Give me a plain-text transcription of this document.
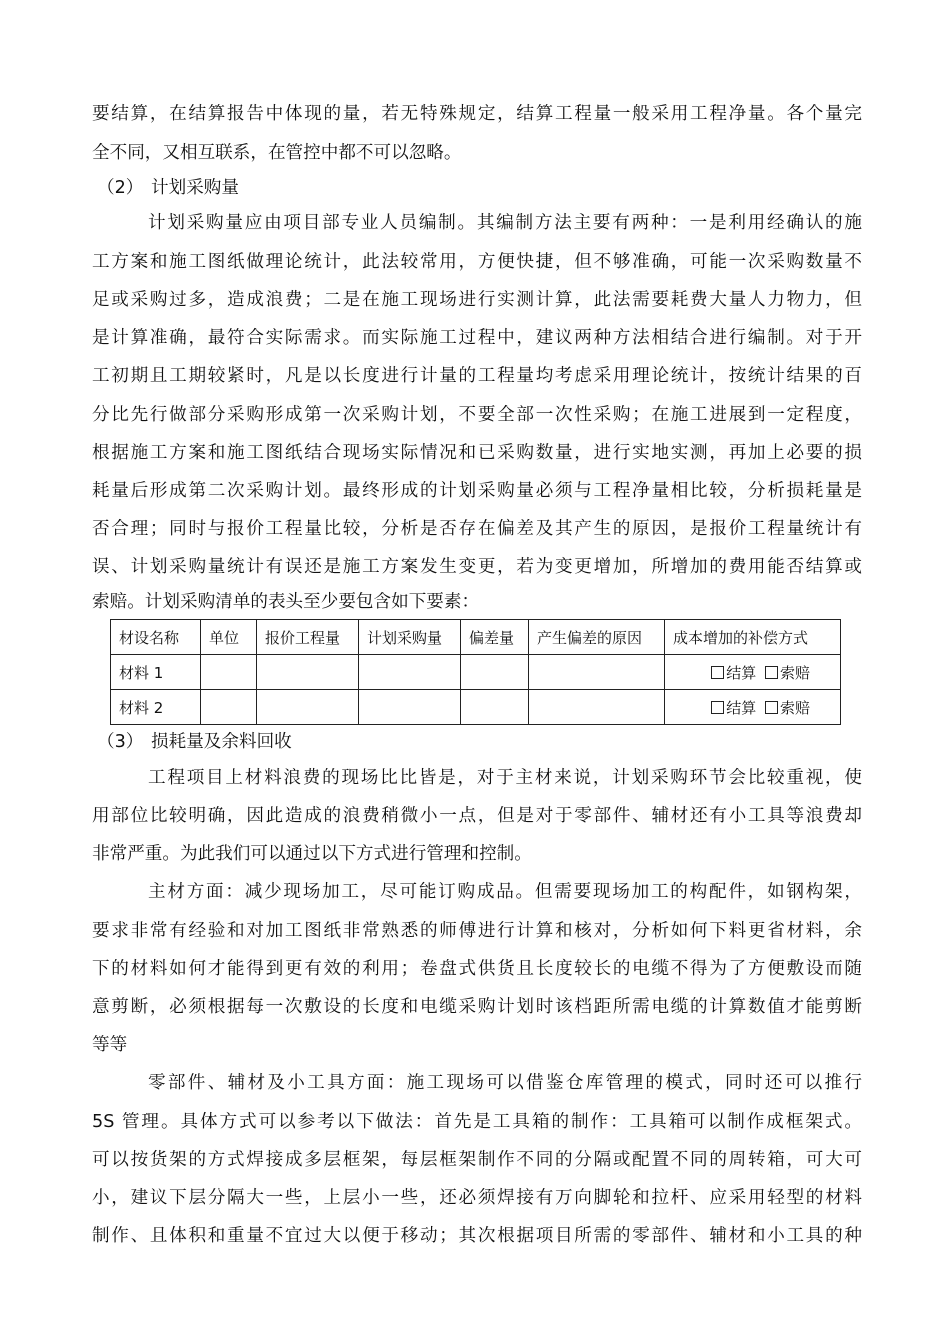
要结算，在结算报告中体现的量，若无特殊规定，结算工程量一般采用工程净量。各个量完
全不同，又相互联系，在管控中都不可以忽略。
（2） 计划采购量
计划采购量应由项目部专业人员编制。其编制方法主要有两种：一是利用经确认的施
工方案和施工图纸做理论统计，此法较常用，方便快捷，但不够准确，可能一次采购数量不
足或采购过多，造成浪费；二是在施工现场进行实测计算，此法需要耗费大量人力物力，但
是计算准确，最符合实际需求。而实际施工过程中，建议两种方法相结合进行编制。对于开
工初期且工期较紧时，凡是以长度进行计量的工程量均考虑采用理论统计，按统计结果的百
分比先行做部分采购形成第一次采购计划，不要全部一次性采购；在施工进展到一定程度，
根据施工方案和施工图纸结合现场实际情况和已采购数量，进行实地实测，再加上必要的损
耗量后形成第二次采购计划。最终形成的计划采购量必须与工程净量相比较，分析损耗量是
否合理；同时与报价工程量比较，分析是否存在偏差及其产生的原因，是报价工程量统计有
误、计划采购量统计有误还是施工方案发生变更，若为变更增加，所增加的费用能否结算或
索赔。计划采购清单的表头至少要包含如下要素：
材设名称	单位	报价工程量	计划采购量	偏差量	产生偏差的原因	成本增加的补偿方式
材料 1						结算 索赔
材料 2						结算 索赔
（3） 损耗量及余料回收
工程项目上材料浪费的现场比比皆是，对于主材来说，计划采购环节会比较重视，使
用部位比较明确，因此造成的浪费稍微小一点，但是对于零部件、辅材还有小工具等浪费却
非常严重。为此我们可以通过以下方式进行管理和控制。
主材方面：减少现场加工，尽可能订购成品。但需要现场加工的构配件，如钢构架，
要求非常有经验和对加工图纸非常熟悉的师傅进行计算和核对，分析如何下料更省材料，余
下的材料如何才能得到更有效的利用；卷盘式供货且长度较长的电缆不得为了方便敷设而随
意剪断，必须根据每一次敷设的长度和电缆采购计划时该档距所需电缆的计算数值才能剪断
等等
零部件、辅材及小工具方面：施工现场可以借鉴仓库管理的模式，同时还可以推行
5S 管理。具体方式可以参考以下做法：首先是工具箱的制作：工具箱可以制作成框架式。
可以按货架的方式焊接成多层框架，每层框架制作不同的分隔或配置不同的周转箱，可大可
小，建议下层分隔大一些，上层小一些，还必须焊接有万向脚轮和拉杆、应采用轻型的材料
制作、且体积和重量不宜过大以便于移动；其次根据项目所需的零部件、辅材和小工具的种
